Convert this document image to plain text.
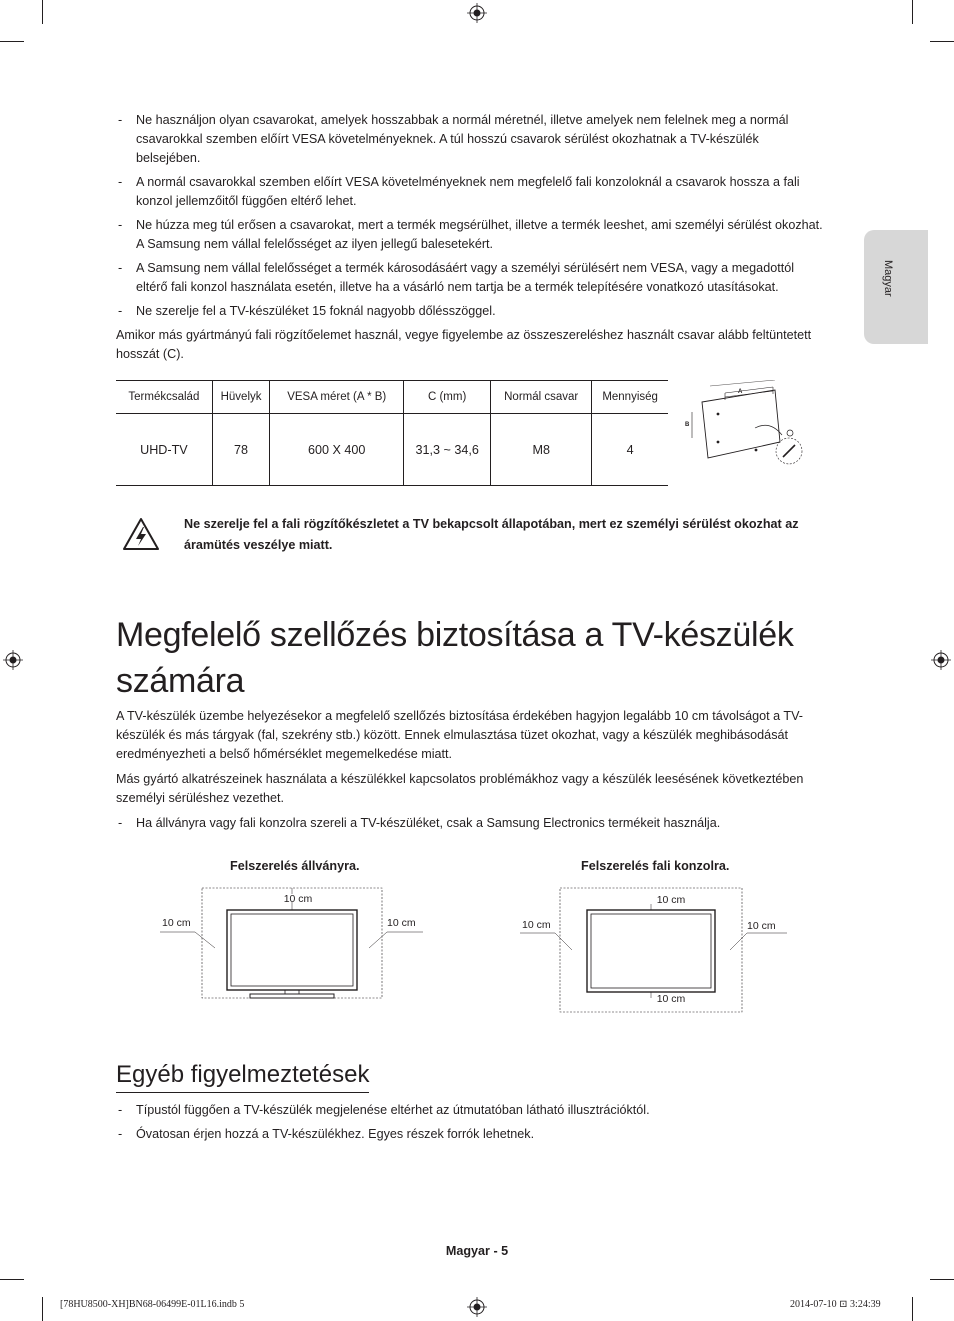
Magyar
- Ne használjon olyan csavarokat, amelyek hosszabbak a normál méretnél, illetve amelyek nem felelnek meg a normál csavarokkal szemben előírt VESA követelményeknek. A túl hosszú csavarok sérülést okozhatnak a TV-készülék belsejében.
- A normál csavarokkal szemben előírt VESA követelményeknek nem megfelelő fali konzoloknál a csavarok hossza a fali konzol jellemzőitől függően eltérő lehet.
- Ne húzza meg túl erősen a csavarokat, mert a termék megsérülhet, illetve a termék leeshet, ami személyi sérülést okozhat. A Samsung nem vállal felelősséget az ilyen jellegű balesetekért.
- A Samsung nem vállal felelősséget a termék károsodásáért vagy a személyi sérülésért nem VESA, vagy a megadottól eltérő fali konzol használata esetén, illetve ha a vásárló nem tartja be a termék telepítésére vonatkozó utasításokat.
- Ne szerelje fel a TV-készüléket 15 foknál nagyobb dőlésszöggel.

Amikor más gyártmányú fali rögzítőelemet használ, vegye figyelembe az összeszereléshez használt csavar alább feltüntetett hosszát (C).

Termékcsalád	Hüvelyk	VESA méret (A * B)	C (mm)	Normál csavar	Mennyiség
UHD-TV	78	600 X 400	31,3 ~ 34,6	M8	4
A
B
Ne szerelje fel a fali rögzítőkészletet a TV bekapcsolt állapotában, mert ez személyi sérülést okozhat az áramütés veszélye miatt.
Megfelelő szellőzés biztosítása a TV-készülék számára

A TV-készülék üzembe helyezésekor a megfelelő szellőzés biztosítása érdekében hagyjon legalább 10 cm távolságot a TV-készülék és más tárgyak (fal, szekrény stb.) között. Ennek elmulasztása tüzet okozhat, vagy a készülék meghibásodását eredményezheti a belső hőmérséklet megemelkedése miatt.

Más gyártó alkatrészeinek használata a készülékkel kapcsolatos problémákhoz vagy a készülék leesésének következtében személyi sérüléshez vezethet.

- Ha állványra vagy fali konzolra szereli a TV-készüléket, csak a Samsung Electronics termékeit használja.
Felszerelés állványra.	Felszerelés fali konzolra.
10 cm
10 cm	10 cm
10 cm
10 cm
10 cm	10 cm
Egyéb figyelmeztetések
- Típustól függően a TV-készülék megjelenése eltérhet az útmutatóban látható illusztrációktól.
- Óvatosan érjen hozzá a TV-készülékhez. Egyes részek forrók lehetnek.
Magyar - 5
[78HU8500-XH]BN68-06499E-01L16.indb 5	2014-07-10 ⊡ 3:24:39
